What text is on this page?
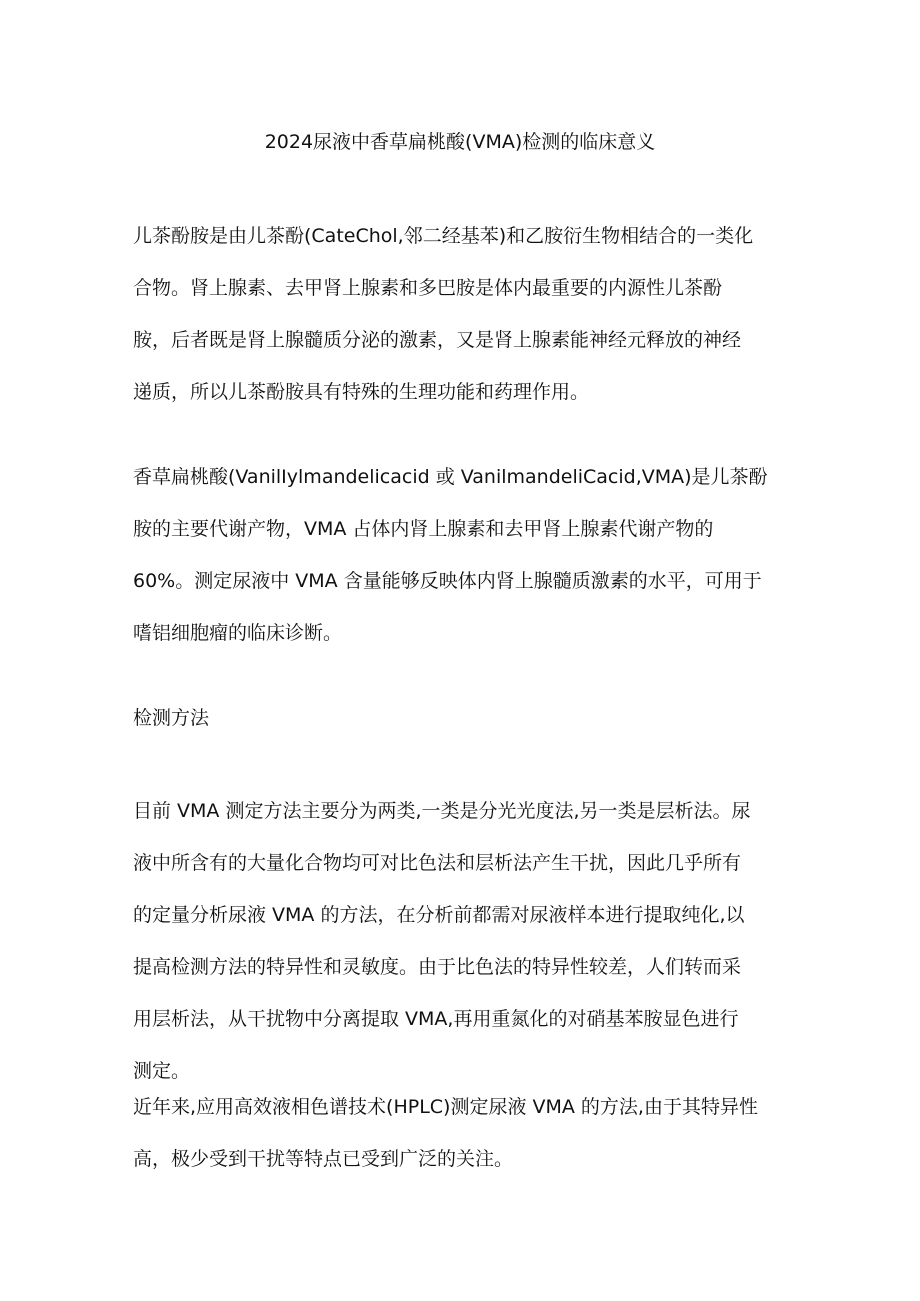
2024尿液中香草扁桃酸(VMA)检测的临床意义

儿茶酚胺是由儿茶酚(CateChol,邻二经基苯)和乙胺衍生物相结合的一类化
合物。肾上腺素、去甲肾上腺素和多巴胺是体内最重要的内源性儿茶酚
胺，后者既是肾上腺髓质分泌的激素，又是肾上腺素能神经元释放的神经
递质，所以儿茶酚胺具有特殊的生理功能和药理作用。

香草扁桃酸(VanilIylmandelicacid 或 VanilmandeliCacid,VMA)是儿茶酚
胺的主要代谢产物，VMA 占体内肾上腺素和去甲肾上腺素代谢产物的
60%。测定尿液中 VMA 含量能够反映体内肾上腺髓质激素的水平，可用于
嗜铝细胞瘤的临床诊断。

检测方法

目前 VMA 测定方法主要分为两类,一类是分光光度法,另一类是层析法。尿
液中所含有的大量化合物均可对比色法和层析法产生干扰，因此几乎所有
的定量分析尿液 VMA 的方法，在分析前都需对尿液样本进行提取纯化,以
提高检测方法的特异性和灵敏度。由于比色法的特异性较差，人们转而采
用层析法，从干扰物中分离提取 VMA,再用重氮化的对硝基苯胺显色进行
测定。

近年来,应用高效液相色谱技术(HPLC)测定尿液 VMA 的方法,由于其特异性
高，极少受到干扰等特点已受到广泛的关注。
